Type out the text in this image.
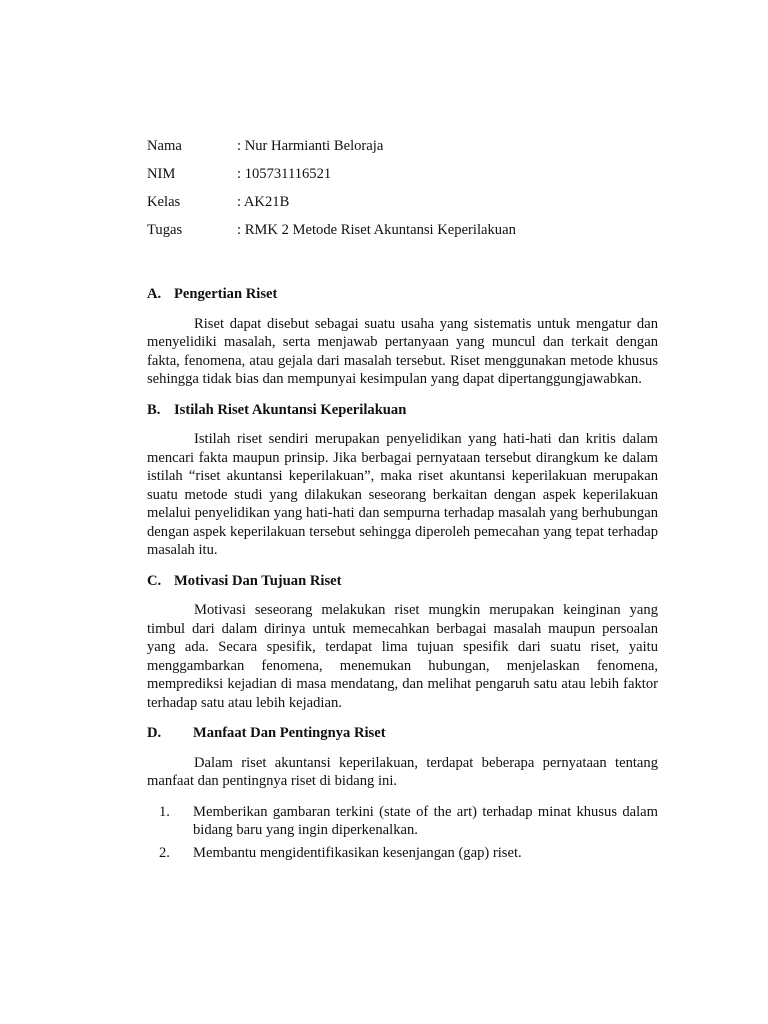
Nama	: Nur Harmianti Beloraja
NIM	: 105731116521
Kelas	: AK21B
Tugas	: RMK 2 Metode Riset Akuntansi Keperilakuan
A. Pengertian Riset

Riset dapat disebut sebagai suatu usaha yang sistematis untuk mengatur dan menyelidiki masalah, serta menjawab pertanyaan yang muncul dan terkait dengan fakta, fenomena, atau gejala dari masalah tersebut. Riset menggunakan metode khusus sehingga tidak bias dan mempunyai kesimpulan yang dapat dipertanggungjawabkan.

B. Istilah Riset Akuntansi Keperilakuan

Istilah riset sendiri merupakan penyelidikan yang hati-hati dan kritis dalam mencari fakta maupun prinsip. Jika berbagai pernyataan tersebut dirangkum ke dalam istilah “riset akuntansi keperilakuan”, maka riset akuntansi keperilakuan merupakan suatu metode studi yang dilakukan seseorang berkaitan dengan aspek keperilakuan melalui penyelidikan yang hati-hati dan sempurna terhadap masalah yang berhubungan dengan aspek keperilakuan tersebut sehingga diperoleh pemecahan yang tepat terhadap masalah itu.

C. Motivasi Dan Tujuan Riset

Motivasi seseorang melakukan riset mungkin merupakan keinginan yang timbul dari dalam dirinya untuk memecahkan berbagai masalah maupun persoalan yang ada. Secara spesifik, terdapat lima tujuan spesifik dari suatu riset, yaitu menggambarkan fenomena, menemukan hubungan, menjelaskan fenomena, memprediksi kejadian di masa mendatang, dan melihat pengaruh satu atau lebih faktor terhadap satu atau lebih kejadian.

D.	Manfaat Dan Pentingnya Riset

Dalam riset akuntansi keperilakuan, terdapat beberapa pernyataan tentang manfaat dan pentingnya riset di bidang ini.

1.	Memberikan gambaran terkini (state of the art) terhadap minat khusus dalam bidang baru yang ingin diperkenalkan.
2.	Membantu mengidentifikasikan kesenjangan (gap) riset.
